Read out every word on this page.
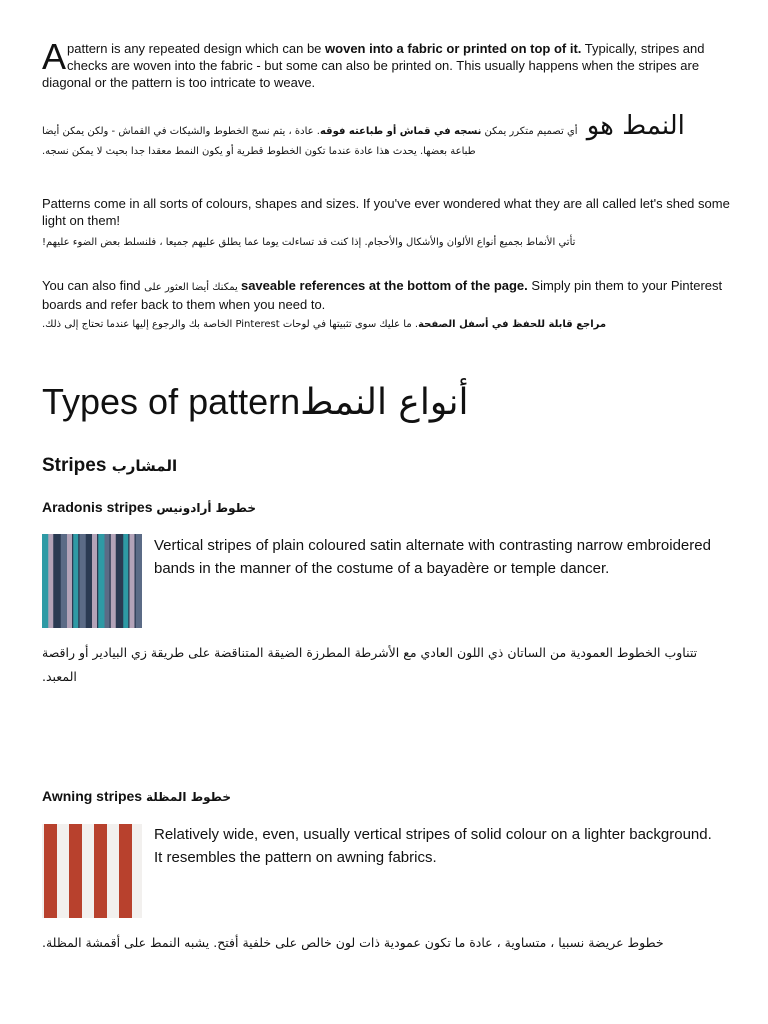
A pattern is any repeated design which can be woven into a fabric or printed on top of it. Typically, stripes and checks are woven into the fabric - but some can also be printed on. This usually happens when the stripes are diagonal or the pattern is too intricate to weave.
النمط هو أي تصميم متكرر يمكن نسجه في قماش أو طباعته فوقه. عادة ، يتم نسج الخطوط والشيكات في القماش - ولكن يمكن أيضا طباعة بعضها. يحدث هذا عادة عندما تكون الخطوط قطرية أو يكون النمط معقدا جدا بحيث لا يمكن نسجه.
Patterns come in all sorts of colours, shapes and sizes. If you've ever wondered what they are all called let's shed some light on them!
تأتي الأنماط بجميع أنواع الألوان والأشكال والأحجام. إذا كنت قد تساءلت يوما عما يطلق عليهم جميعا ، فلنسلط بعض الضوء عليهم!
You can also find يمكنك أيضا العثور على saveable references at the bottom of the page. Simply pin them to your Pinterest boards and refer back to them when you need to.
مراجع قابلة للحفظ في أسفل الصفحة. ما عليك سوى تثبيتها في لوحات Pinterest الخاصة بك والرجوع إليها عندما تحتاج إلى ذلك.
Types of patternأنواع النمط
Stripes المشارب
Aradonis stripes خطوط أرادونيس
Vertical stripes of plain coloured satin alternate with contrasting narrow embroidered bands in the manner of the costume of a bayadère or temple dancer.
تتناوب الخطوط العمودية من الساتان ذي اللون العادي مع الأشرطة المطرزة الضيقة المتناقضة على طريقة زي البيادير أو راقصة المعبد.
Awning stripes خطوط المظلة
Relatively wide, even, usually vertical stripes of solid colour on a lighter background. It resembles the pattern on awning fabrics.
خطوط عريضة نسبيا ، متساوية ، عادة ما تكون عمودية ذات لون خالص على خلفية أفتح. يشبه النمط على أقمشة المظلة.
